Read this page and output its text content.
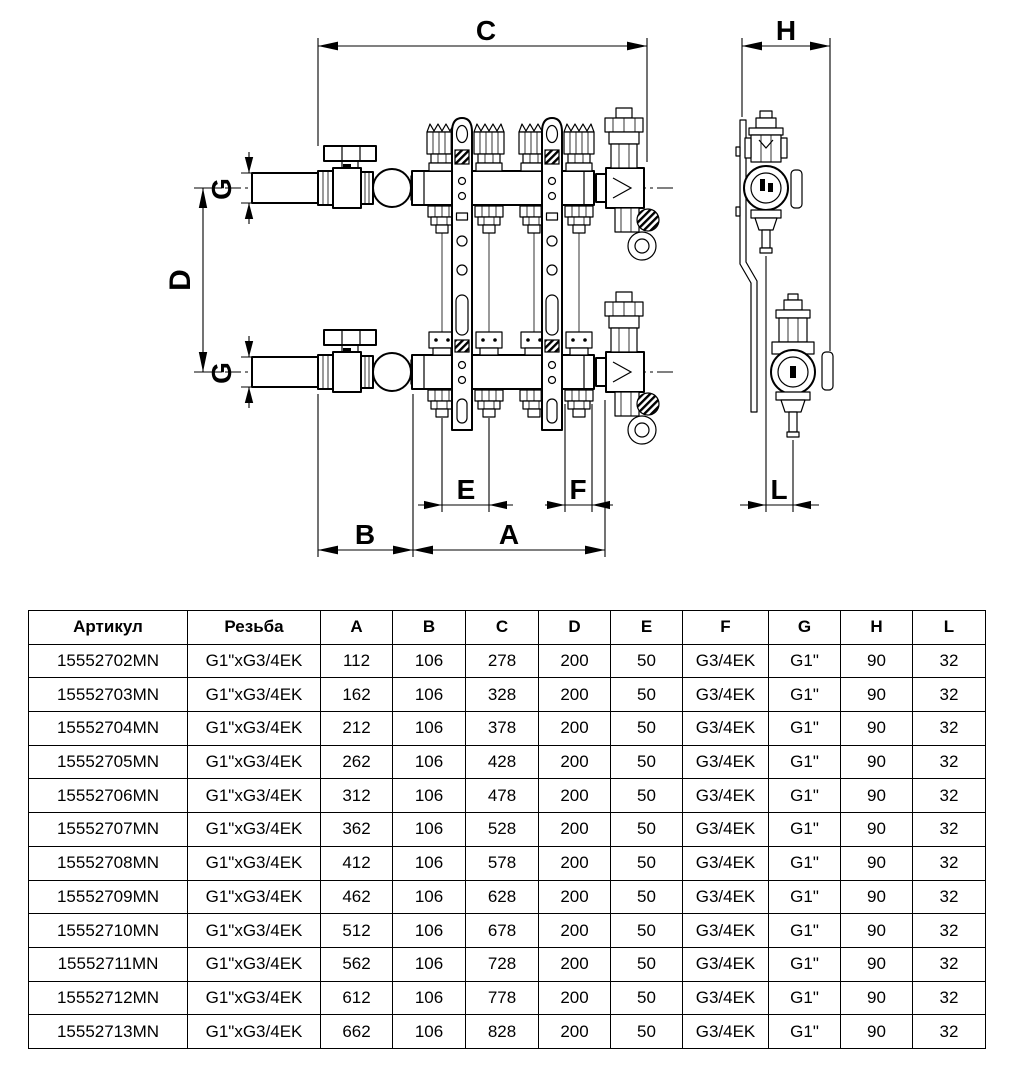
C	H
G
G
D
E	F	L
B	A
Артикул	Резьба	A	B	C	D	E	F	G	H	L
15552702MN	G1"xG3/4EK	112	106	278	200	50	G3/4EK	G1"	90	32
15552703MN	G1"xG3/4EK	162	106	328	200	50	G3/4EK	G1"	90	32
15552704MN	G1"xG3/4EK	212	106	378	200	50	G3/4EK	G1"	90	32
15552705MN	G1"xG3/4EK	262	106	428	200	50	G3/4EK	G1"	90	32
15552706MN	G1"xG3/4EK	312	106	478	200	50	G3/4EK	G1"	90	32
15552707MN	G1"xG3/4EK	362	106	528	200	50	G3/4EK	G1"	90	32
15552708MN	G1"xG3/4EK	412	106	578	200	50	G3/4EK	G1"	90	32
15552709MN	G1"xG3/4EK	462	106	628	200	50	G3/4EK	G1"	90	32
15552710MN	G1"xG3/4EK	512	106	678	200	50	G3/4EK	G1"	90	32
15552711MN	G1"xG3/4EK	562	106	728	200	50	G3/4EK	G1"	90	32
15552712MN	G1"xG3/4EK	612	106	778	200	50	G3/4EK	G1"	90	32
15552713MN	G1"xG3/4EK	662	106	828	200	50	G3/4EK	G1"	90	32
